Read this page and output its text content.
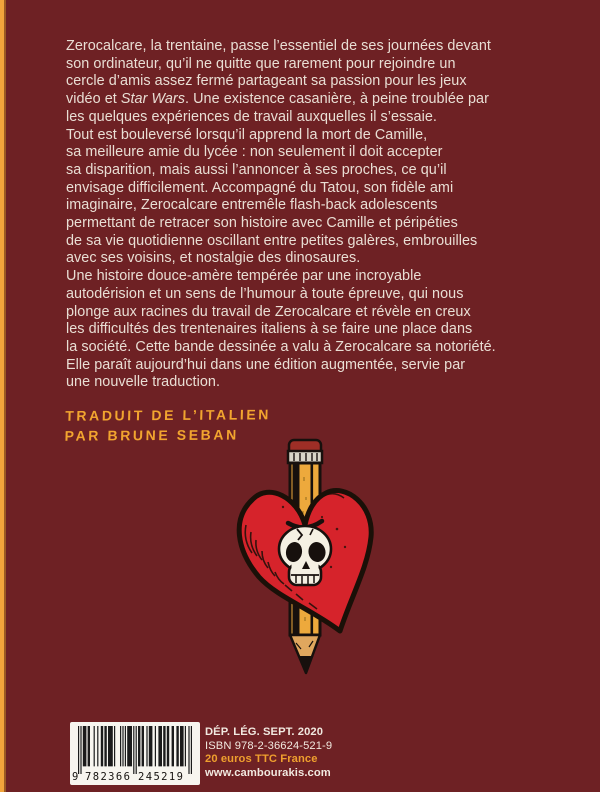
Zerocalcare, la trentaine, passe l’essentiel de ses journées devant
son ordinateur, qu’il ne quitte que rarement pour rejoindre un
cercle d’amis assez fermé partageant sa passion pour les jeux
vidéo et Star Wars. Une existence casanière, à peine troublée par
les quelques expériences de travail auxquelles il s’essaie.
Tout est bouleversé lorsqu’il apprend la mort de Camille,
sa meilleure amie du lycée : non seulement il doit accepter
sa disparition, mais aussi l’annoncer à ses proches, ce qu’il
envisage difficilement. Accompagné du Tatou, son fidèle ami
imaginaire, Zerocalcare entremêle flash-back adolescents
permettant de retracer son histoire avec Camille et péripéties
de sa vie quotidienne oscillant entre petites galères, embrouilles
avec ses voisins, et nostalgie des dinosaures.
Une histoire douce-amère tempérée par une incroyable
autodérision et un sens de l’humour à toute épreuve, qui nous
plonge aux racines du travail de Zerocalcare et révèle en creux
les difficultés des trentenaires italiens à se faire une place dans
la société. Cette bande dessinée a valu à Zerocalcare sa notoriété.
Elle paraît aujourd’hui dans une édition augmentée, servie par
une nouvelle traduction.
TRADUIT DE L’ITALIEN
PAR BRUNE SEBAN
9 782366 245219
DÉP. LÉG. SEPT. 2020
ISBN 978-2-36624-521-9
20 euros TTC France
www.cambourakis.com
